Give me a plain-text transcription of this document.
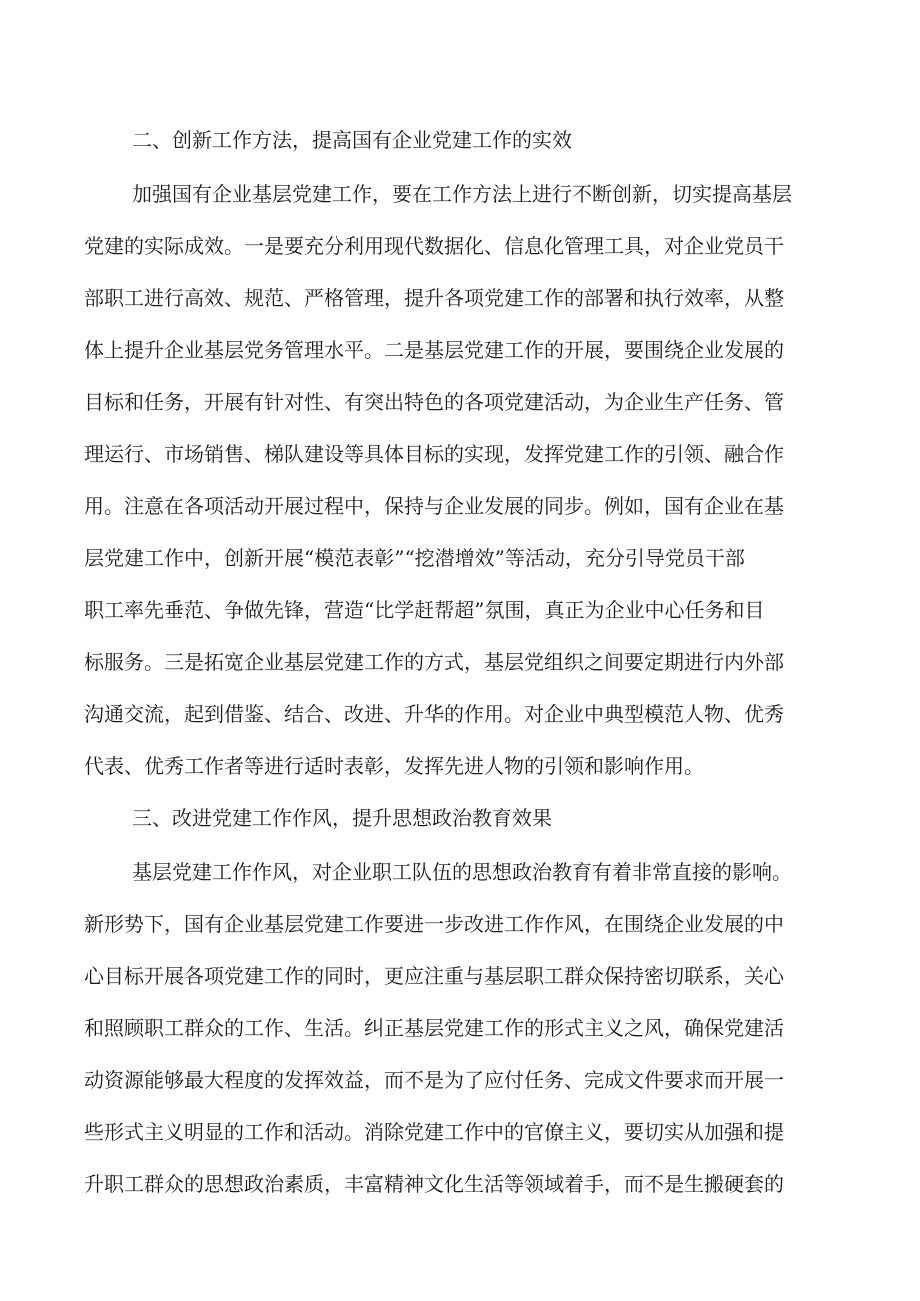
二、创新工作方法，提高国有企业党建工作的实效
加强国有企业基层党建工作，要在工作方法上进行不断创新，切实提高基层
党建的实际成效。一是要充分利用现代数据化、信息化管理工具，对企业党员干
部职工进行高效、规范、严格管理，提升各项党建工作的部署和执行效率，从整
体上提升企业基层党务管理水平。二是基层党建工作的开展，要围绕企业发展的
目标和任务，开展有针对性、有突出特色的各项党建活动，为企业生产任务、管
理运行、市场销售、梯队建设等具体目标的实现，发挥党建工作的引领、融合作
用。注意在各项活动开展过程中，保持与企业发展的同步。例如，国有企业在基
层党建工作中，创新开展“模范表彰”“挖潜增效”等活动，充分引导党员干部
职工率先垂范、争做先锋，营造“比学赶帮超”氛围，真正为企业中心任务和目
标服务。三是拓宽企业基层党建工作的方式，基层党组织之间要定期进行内外部
沟通交流，起到借鉴、结合、改进、升华的作用。对企业中典型模范人物、优秀
代表、优秀工作者等进行适时表彰，发挥先进人物的引领和影响作用。
三、改进党建工作作风，提升思想政治教育效果
基层党建工作作风，对企业职工队伍的思想政治教育有着非常直接的影响。
新形势下，国有企业基层党建工作要进一步改进工作作风，在围绕企业发展的中
心目标开展各项党建工作的同时，更应注重与基层职工群众保持密切联系，关心
和照顾职工群众的工作、生活。纠正基层党建工作的形式主义之风，确保党建活
动资源能够最大程度的发挥效益，而不是为了应付任务、完成文件要求而开展一
些形式主义明显的工作和活动。消除党建工作中的官僚主义，要切实从加强和提
升职工群众的思想政治素质，丰富精神文化生活等领域着手，而不是生搬硬套的
